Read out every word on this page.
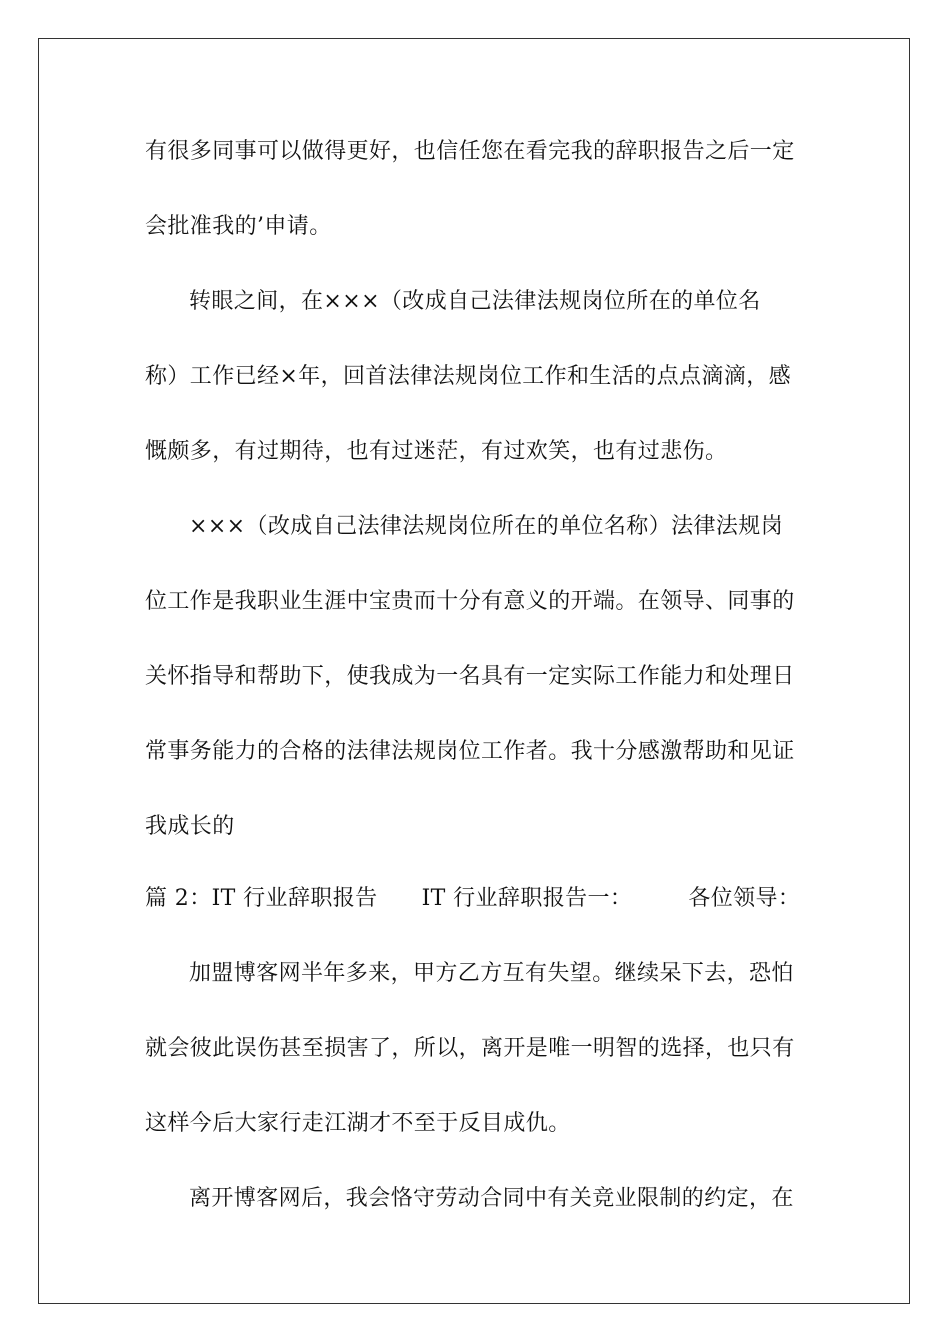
有很多同事可以做得更好，也信任您在看完我的辞职报告之后一定
会批准我的’申请。
转眼之间，在×××（改成自己法律法规岗位所在的单位名
称）工作已经×年，回首法律法规岗位工作和生活的点点滴滴，感
慨颇多，有过期待，也有过迷茫，有过欢笑，也有过悲伤。
×××（改成自己法律法规岗位所在的单位名称）法律法规岗
位工作是我职业生涯中宝贵而十分有意义的开端。在领导、同事的
关怀指导和帮助下，使我成为一名具有一定实际工作能力和处理日
常事务能力的合格的法律法规岗位工作者。我十分感激帮助和见证
我成长的
篇 2：IT 行业辞职报告 IT 行业辞职报告一：	各位领导：
加盟博客网半年多来，甲方乙方互有失望。继续呆下去，恐怕
就会彼此误伤甚至损害了，所以，离开是唯一明智的选择，也只有
这样今后大家行走江湖才不至于反目成仇。
离开博客网后，我会恪守劳动合同中有关竞业限制的约定，在
